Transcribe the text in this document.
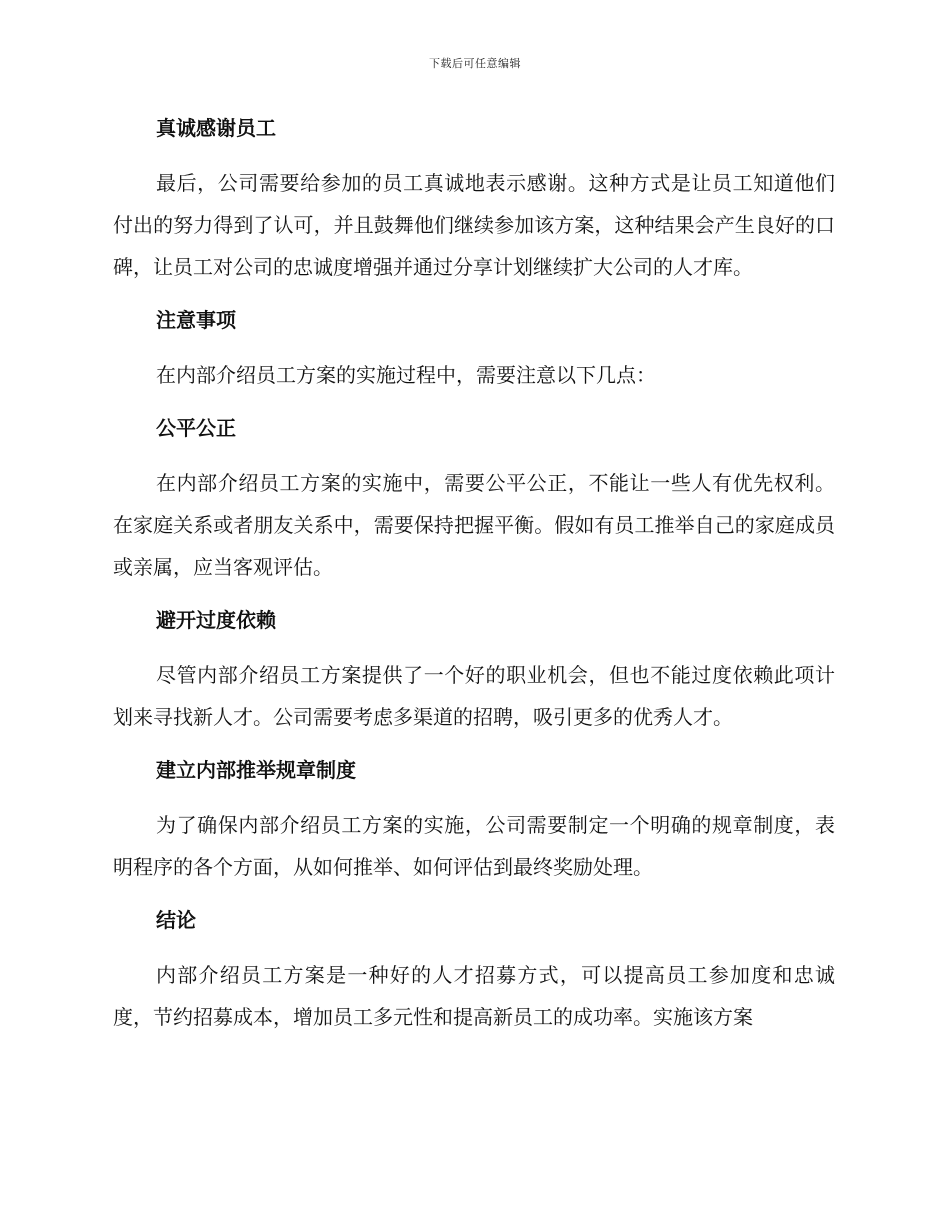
下载后可任意编辑
真诚感谢员工
最后，公司需要给参加的员工真诚地表示感谢。这种方式是让员工知道他们付出的努力得到了认可，并且鼓舞他们继续参加该方案，这种结果会产生良好的口碑，让员工对公司的忠诚度增强并通过分享计划继续扩大公司的人才库。
注意事项
在内部介绍员工方案的实施过程中，需要注意以下几点：
公平公正
在内部介绍员工方案的实施中，需要公平公正，不能让一些人有优先权利。在家庭关系或者朋友关系中，需要保持把握平衡。假如有员工推举自己的家庭成员或亲属，应当客观评估。
避开过度依赖
尽管内部介绍员工方案提供了一个好的职业机会，但也不能过度依赖此项计划来寻找新人才。公司需要考虑多渠道的招聘，吸引更多的优秀人才。
建立内部推举规章制度
为了确保内部介绍员工方案的实施，公司需要制定一个明确的规章制度，表明程序的各个方面，从如何推举、如何评估到最终奖励处理。
结论
内部介绍员工方案是一种好的人才招募方式，可以提高员工参加度和忠诚度，节约招募成本，增加员工多元性和提高新员工的成功率。实施该方案
